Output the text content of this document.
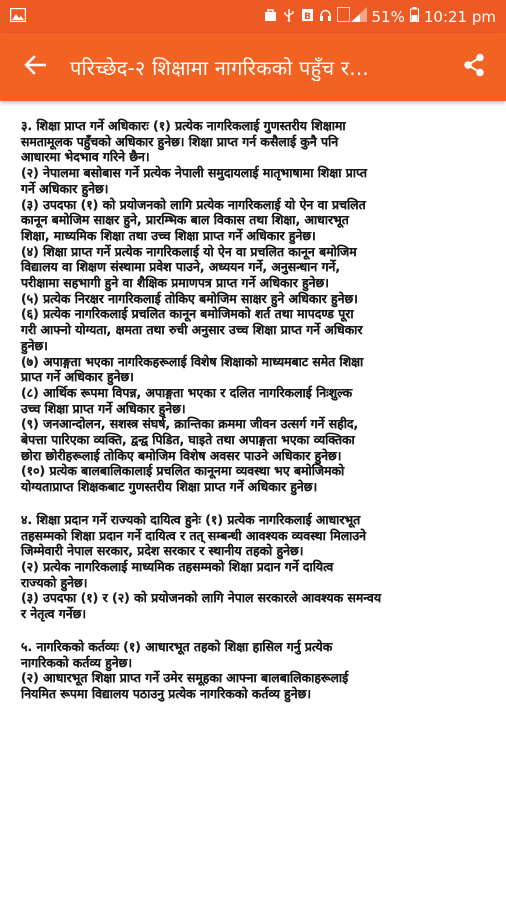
B	51% 10:21 pm
परिच्छेद-२ शिक्षामा नागरिकको पहुँच र...

३. शिक्षा प्राप्त गर्ने अधिकारः (१) प्रत्येक नागरिकलाई गुणस्तरीय शिक्षामा

समतामूलक पहुँचको अधिकार हुनेछ। शिक्षा प्राप्त गर्न कसैलाई कुनै पनि

आधारमा भेदभाव गरिने छैन।

(२) नेपालमा बसोबास गर्ने प्रत्येक नेपाली समुदायलाई मातृभाषामा शिक्षा प्राप्त

गर्ने अधिकार हुनेछ।

(३) उपदफा (१) को प्रयोजनको लागि प्रत्येक नागरिकलाई यो ऐन वा प्रचलित

कानून बमोजिम साक्षर हुने, प्रारम्भिक बाल विकास तथा शिक्षा, आधारभूत

शिक्षा, माध्यमिक शिक्षा तथा उच्च शिक्षा प्राप्त गर्ने अधिकार हुनेछ।

(४) शिक्षा प्राप्त गर्ने प्रत्येक नागरिकलाई यो ऐन वा प्रचलित कानून बमोजिम

विद्यालय वा शिक्षण संस्थामा प्रवेश पाउने, अध्ययन गर्ने, अनुसन्धान गर्ने,

परीक्षामा सहभागी हुने वा शैक्षिक प्रमाणपत्र प्राप्त गर्ने अधिकार हुनेछ।

(५) प्रत्येक निरक्षर नागरिकलाई तोकिए बमोजिम साक्षर हुने अधिकार हुनेछ।

(६) प्रत्येक नागरिकलाई प्रचलित कानून बमोजिमको शर्त तथा मापदण्ड पूरा

गरी आफ्नो योग्यता, क्षमता तथा रुची अनुसार उच्च शिक्षा प्राप्त गर्ने अधिकार

हुनेछ।

(७) अपाङ्गता भएका नागरिकहरूलाई विशेष शिक्षाको माध्यमबाट समेत शिक्षा

प्राप्त गर्ने अधिकार हुनेछ।

(८) आर्थिक रूपमा विपन्न, अपाङ्गता भएका र दलित नागरिकलाई निःशुल्क

उच्च शिक्षा प्राप्त गर्ने अधिकार हुनेछ।

(९) जनआन्दोलन, सशस्त्र संघर्ष, क्रान्तिका क्रममा जीवन उत्सर्ग गर्ने सहीद,

बेपत्ता पारिएका व्यक्ति, द्वन्द्व पिडित, घाइते तथा अपाङ्गता भएका व्यक्तिका

छोरा छोरीहरूलाई तोकिए बमोजिम विशेष अवसर पाउने अधिकार हुनेछ।

(१०) प्रत्येक बालबालिकालाई प्रचलित कानूनमा व्यवस्था भए बमोजिमको

योग्यताप्राप्त शिक्षकबाट गुणस्तरीय शिक्षा प्राप्त गर्ने अधिकार हुनेछ।

४. शिक्षा प्रदान गर्ने राज्यको दायित्व हुनेः (१) प्रत्येक नागरिकलाई आधारभूत

तहसम्मको शिक्षा प्रदान गर्ने दायित्व र तत् सम्बन्धी आवश्यक व्यवस्था मिलाउने

जिम्मेवारी नेपाल सरकार, प्रदेश सरकार र स्थानीय तहको हुनेछ।

(२) प्रत्येक नागरिकलाई माध्यमिक तहसम्मको शिक्षा प्रदान गर्ने दायित्व

राज्यको हुनेछ।

(३) उपदफा (१) र (२) को प्रयोजनको लागि नेपाल सरकारले आवश्यक समन्वय

र नेतृत्व गर्नेछ।

५. नागरिकको कर्तव्यः (१) आधारभूत तहको शिक्षा हासिल गर्नु प्रत्येक

नागरिकको कर्तव्य हुनेछ।

(२) आधारभूत शिक्षा प्राप्त गर्ने उमेर समूहका आफ्ना बालबालिकाहरूलाई

नियमित रूपमा विद्यालय पठाउनु प्रत्येक नागरिकको कर्तव्य हुनेछ।
